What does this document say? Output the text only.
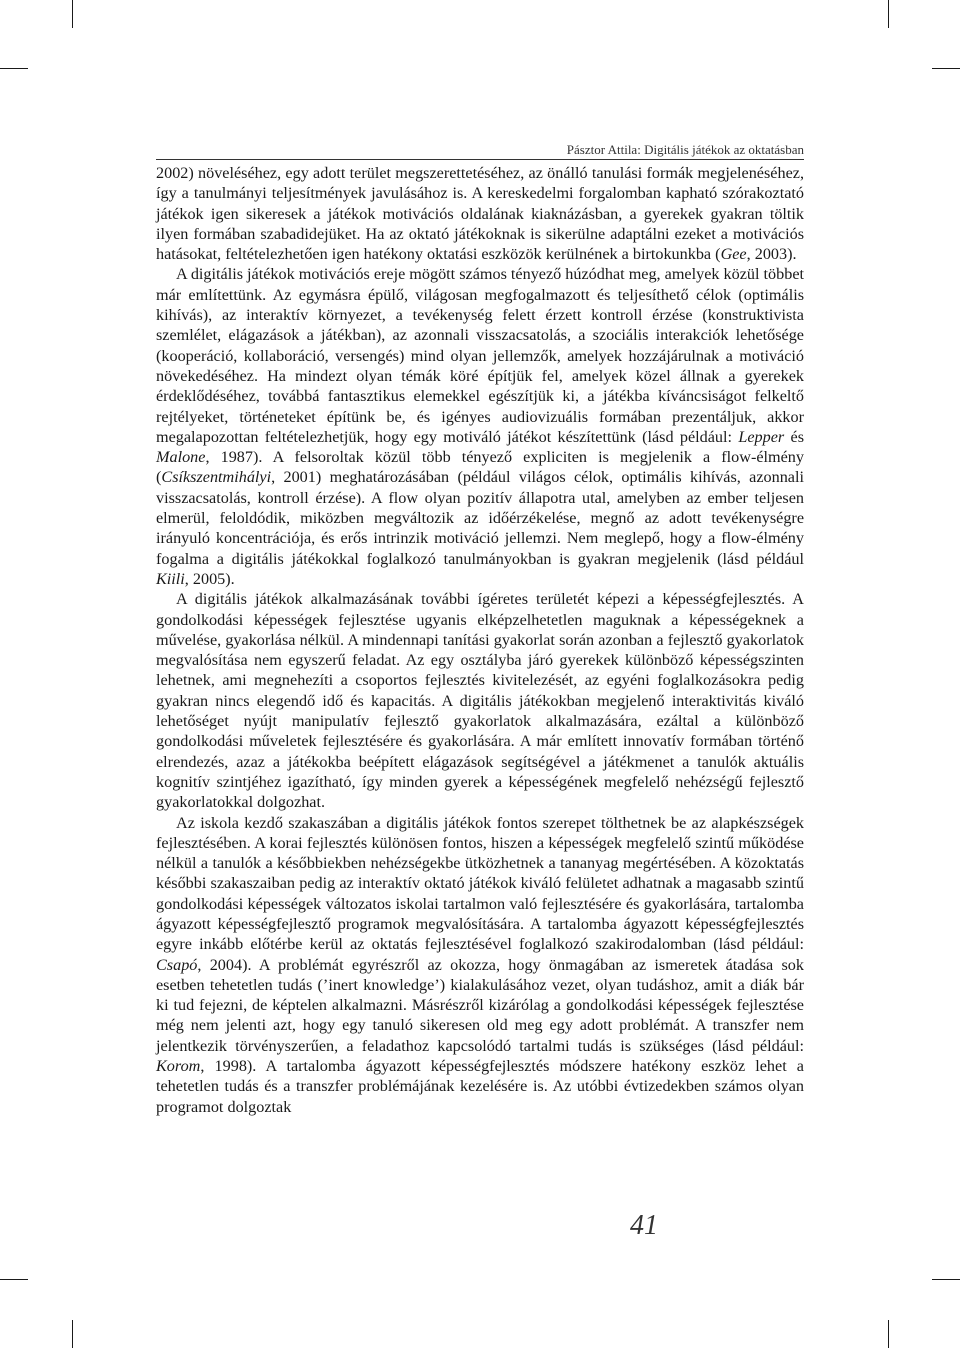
Pásztor Attila: Digitális játékok az oktatásban

2002) növeléséhez, egy adott terület megszerettetéséhez, az önálló tanulási formák megjelenéséhez, így a tanulmányi teljesítmények javulásához is. A kereskedelmi forgalomban kapható szórakoztató játékok igen sikeresek a játékok motivációs oldalának kiaknázásban, a gyerekek gyakran töltik ilyen formában szabadidejüket. Ha az oktató játékoknak is sikerülne adaptálni ezeket a motivációs hatásokat, feltételezhetően igen hatékony oktatási eszközök kerülnének a birtokunkba (Gee, 2003).

A digitális játékok motivációs ereje mögött számos tényező húzódhat meg, amelyek közül többet már említettünk. Az egymásra épülő, világosan megfogalmazott és teljesíthető célok (optimális kihívás), az interaktív környezet, a tevékenység felett érzett kontroll érzése (konstruktivista szemlélet, elágazások a játékban), az azonnali visszacsatolás, a szociális interakciók lehetősége (kooperáció, kollaboráció, versengés) mind olyan jellemzők, amelyek hozzájárulnak a motiváció növekedéséhez. Ha mindezt olyan témák köré építjük fel, amelyek közel állnak a gyerekek érdeklődéséhez, továbbá fantasztikus elemekkel egészítjük ki, a játékba kíváncsiságot felkeltő rejtélyeket, történeteket építünk be, és igényes audiovizuális formában prezentáljuk, akkor megalapozottan feltételezhetjük, hogy egy motiváló játékot készítettünk (lásd például: Lepper és Malone, 1987). A felsoroltak közül több tényező expliciten is megjelenik a flow-élmény (Csíkszentmihályi, 2001) meghatározásában (például világos célok, optimális kihívás, azonnali visszacsatolás, kontroll érzése). A flow olyan pozitív állapotra utal, amelyben az ember teljesen elmerül, feloldódik, miközben megváltozik az időérzékelése, megnő az adott tevékenységre irányuló koncentrációja, és erős intrinzik motiváció jellemzi. Nem meglepő, hogy a flow-élmény fogalma a digitális játékokkal foglalkozó tanulmányokban is gyakran megjelenik (lásd például Kiili, 2005).

A digitális játékok alkalmazásának további ígéretes területét képezi a képességfejlesztés. A gondolkodási képességek fejlesztése ugyanis elképzelhetetlen maguknak a képességeknek a művelése, gyakorlása nélkül. A mindennapi tanítási gyakorlat során azonban a fejlesztő gyakorlatok megvalósítása nem egyszerű feladat. Az egy osztályba járó gyerekek különböző képességszinten lehetnek, ami megnehezíti a csoportos fejlesztés kivitelezését, az egyéni foglalkozásokra pedig gyakran nincs elegendő idő és kapacitás. A digitális játékokban megjelenő interaktivitás kiváló lehetőséget nyújt manipulatív fejlesztő gyakorlatok alkalmazására, ezáltal a különböző gondolkodási műveletek fejlesztésére és gyakorlására. A már említett innovatív formában történő elrendezés, azaz a játékokba beépített elágazások segítségével a játékmenet a tanulók aktuális kognitív szintjéhez igazítható, így minden gyerek a képességének megfelelő nehézségű fejlesztő gyakorlatokkal dolgozhat.

Az iskola kezdő szakaszában a digitális játékok fontos szerepet tölthetnek be az alapkészségek fejlesztésében. A korai fejlesztés különösen fontos, hiszen a képességek megfelelő szintű működése nélkül a tanulók a későbbiekben nehézségekbe ütközhetnek a tananyag megértésében. A közoktatás későbbi szakaszaiban pedig az interaktív oktató játékok kiváló felületet adhatnak a magasabb szintű gondolkodási képességek változatos iskolai tartalmon való fejlesztésére és gyakorlására, tartalomba ágyazott képességfejlesztő programok megvalósítására. A tartalomba ágyazott képességfejlesztés egyre inkább előtérbe kerül az oktatás fejlesztésével foglalkozó szakirodalomban (lásd például: Csapó, 2004). A problémát egyrészről az okozza, hogy önmagában az ismeretek átadása sok esetben tehetetlen tudás (’inert knowledge’) kialakulásához vezet, olyan tudáshoz, amit a diák bár ki tud fejezni, de képtelen alkalmazni. Másrészről kizárólag a gondolkodási képességek fejlesztése még nem jelenti azt, hogy egy tanuló sikeresen old meg egy adott problémát. A transzfer nem jelentkezik törvényszerűen, a feladathoz kapcsolódó tartalmi tudás is szükséges (lásd például: Korom, 1998). A tartalomba ágyazott képességfejlesztés módszere hatékony eszköz lehet a tehetetlen tudás és a transzfer problémájának kezelésére is. Az utóbbi évtizedekben számos olyan programot dolgoztak

41
